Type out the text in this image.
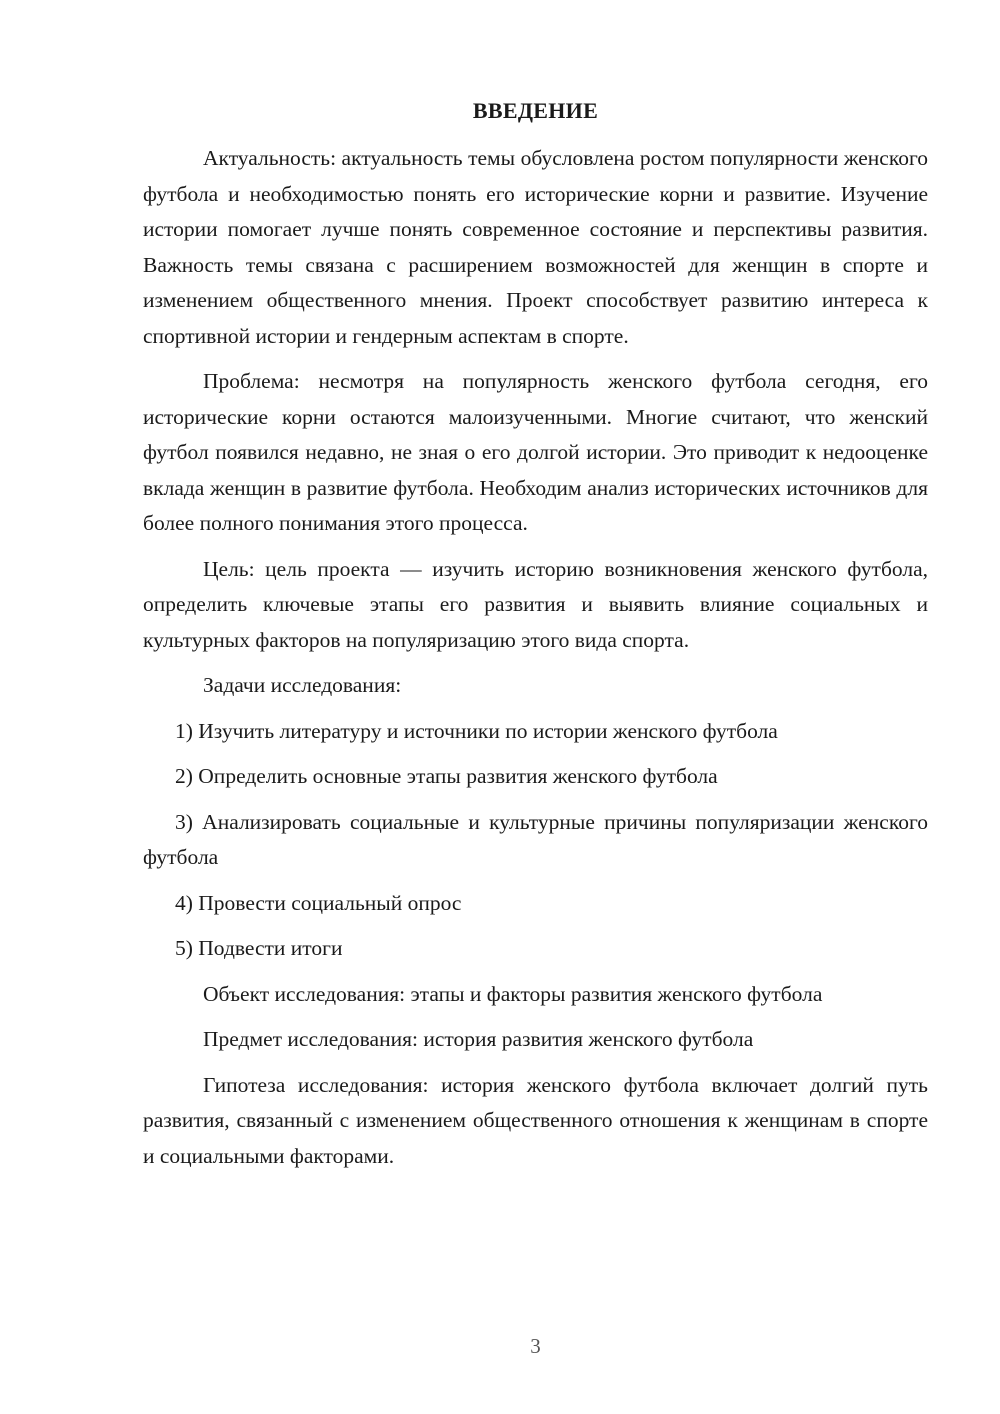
ВВЕДЕНИЕ

Актуальность: актуальность темы обусловлена ростом популярности женского футбола и необходимостью понять его исторические корни и развитие. Изучение истории помогает лучше понять современное состояние и перспективы развития. Важность темы связана с расширением возможностей для женщин в спорте и изменением общественного мнения. Проект способствует развитию интереса к спортивной истории и гендерным аспектам в спорте.

Проблема: несмотря на популярность женского футбола сегодня, его исторические корни остаются малоизученными. Многие считают, что женский футбол появился недавно, не зная о его долгой истории. Это приводит к недооценке вклада женщин в развитие футбола. Необходим анализ исторических источников для более полного понимания этого процесса.

Цель: цель проекта — изучить историю возникновения женского футбола, определить ключевые этапы его развития и выявить влияние социальных и культурных факторов на популяризацию этого вида спорта.

Задачи исследования:

1) Изучить литературу и источники по истории женского футбола

2) Определить основные этапы развития женского футбола

3) Анализировать социальные и культурные причины популяризации женского футбола

4) Провести социальный опрос

5) Подвести итоги

Объект исследования: этапы и факторы развития женского футбола

Предмет исследования: история развития женского футбола

Гипотеза исследования: история женского футбола включает долгий путь развития, связанный с изменением общественного отношения к женщинам в спорте и социальными факторами.

3
